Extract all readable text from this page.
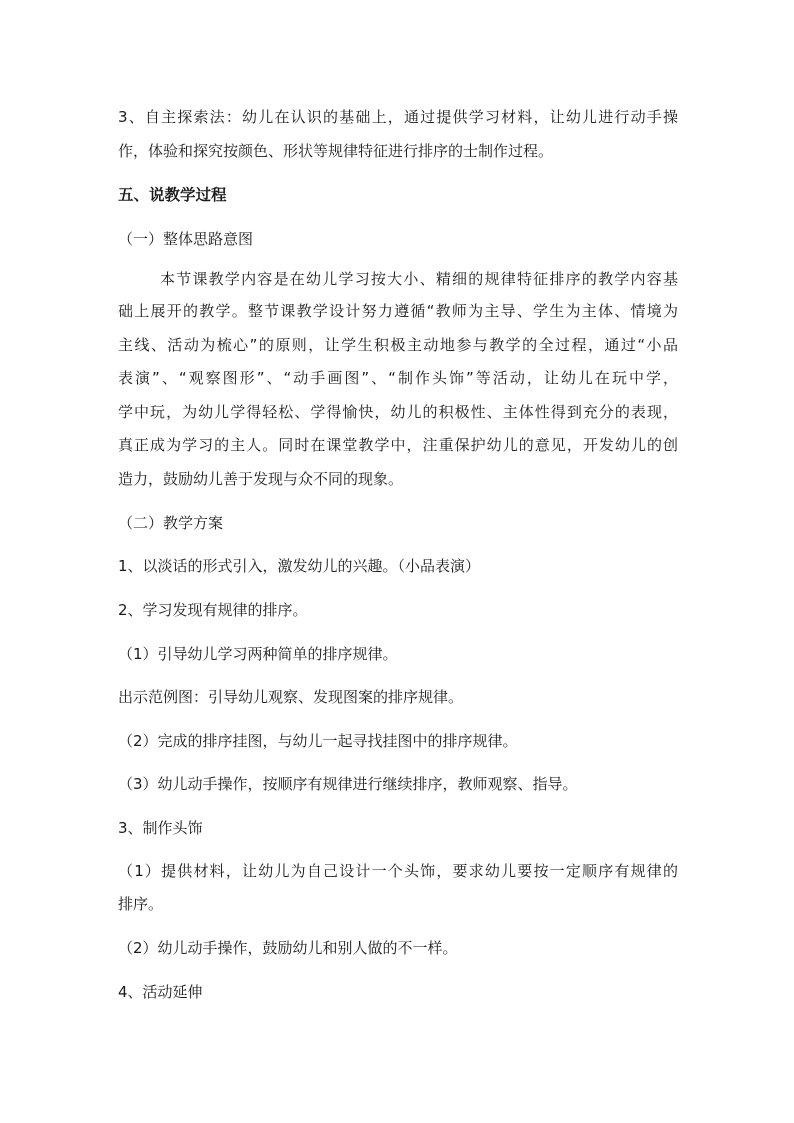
3、自主探索法：幼儿在认识的基础上，通过提供学习材料，让幼儿进行动手操
作，体验和探究按颜色、形状等规律特征进行排序的士制作过程。
五、说教学过程
（一）整体思路意图
本节课教学内容是在幼儿学习按大小、精细的规律特征排序的教学内容基
础上展开的教学。整节课教学设计努力遵循“教师为主导、学生为主体、情境为
主线、活动为梳心”的原则，让学生积极主动地参与教学的全过程，通过“小品
表演”、“观察图形”、“动手画图”、“制作头饰”等活动，让幼儿在玩中学，
学中玩，为幼儿学得轻松、学得愉快，幼儿的积极性、主体性得到充分的表现，
真正成为学习的主人。同时在课堂教学中，注重保护幼儿的意见，开发幼儿的创
造力，鼓励幼儿善于发现与众不同的现象。
（二）教学方案
1、以淡话的形式引入，激发幼儿的兴趣。（小品表演）
2、学习发现有规律的排序。
（1）引导幼儿学习两种简单的排序规律。
出示范例图：引导幼儿观察、发现图案的排序规律。
（2）完成的排序挂图，与幼儿一起寻找挂图中的排序规律。
（3）幼儿动手操作，按顺序有规律进行继续排序，教师观察、指导。
3、制作头饰
（1）提供材料，让幼儿为自己设计一个头饰，要求幼儿要按一定顺序有规律的
排序。
（2）幼儿动手操作，鼓励幼儿和别人做的不一样。
4、活动延伸
